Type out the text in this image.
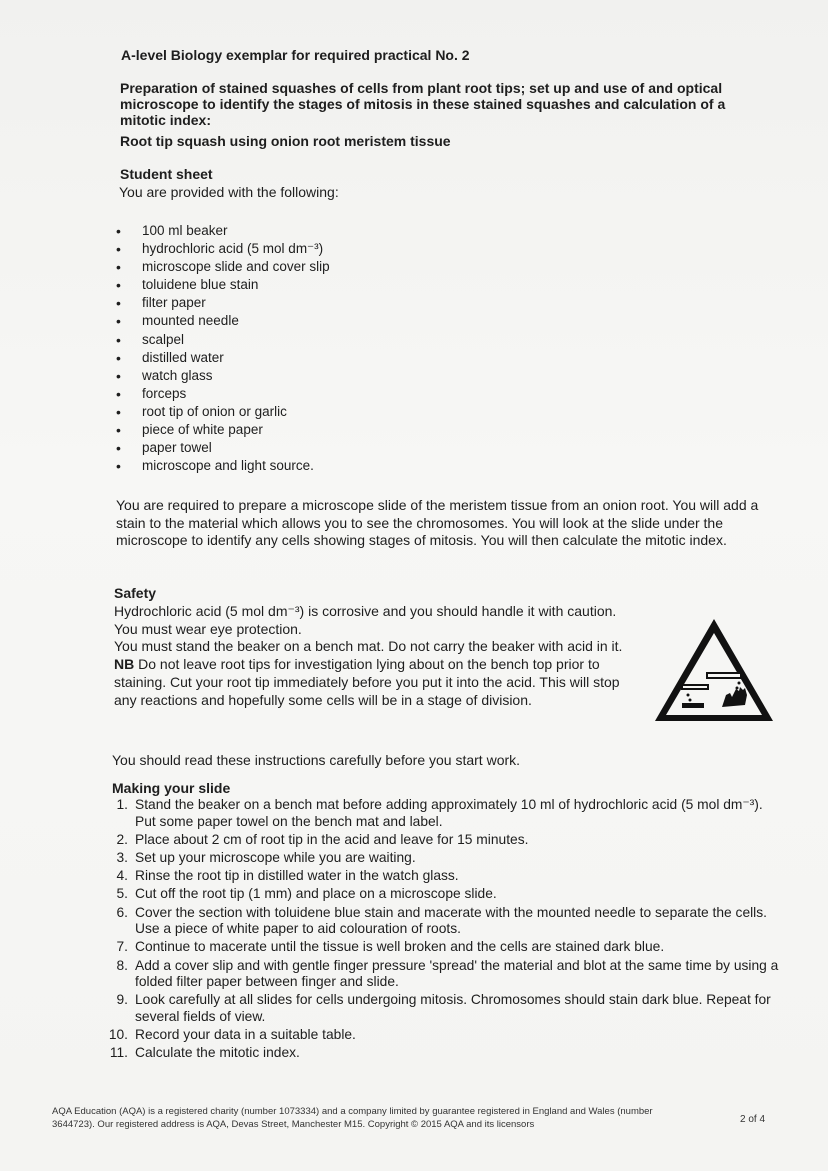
A-level Biology exemplar for required practical No. 2
Preparation of stained squashes of cells from plant root tips; set up and use of and optical microscope to identify the stages of mitosis in these stained squashes and calculation of a mitotic index:
Root tip squash using onion root meristem tissue
Student sheet
You are provided with the following:
• 100 ml beaker
• hydrochloric acid (5 mol dm⁻³)
• microscope slide and cover slip
• toluidene blue stain
• filter paper
• mounted needle
• scalpel
• distilled water
• watch glass
• forceps
• root tip of onion or garlic
• piece of white paper
• paper towel
• microscope and light source.
You are required to prepare a microscope slide of the meristem tissue from an onion root. You will add a stain to the material which allows you to see the chromosomes. You will look at the slide under the microscope to identify any cells showing stages of mitosis. You will then calculate the mitotic index.
Safety
Hydrochloric acid (5 mol dm⁻³) is corrosive and you should handle it with caution.
You must wear eye protection.
You must stand the beaker on a bench mat. Do not carry the beaker with acid in it.
NB Do not leave root tips for investigation lying about on the bench top prior to staining. Cut your root tip immediately before you put it into the acid. This will stop any reactions and hopefully some cells will be in a stage of division.
You should read these instructions carefully before you start work.
Making your slide
1. Stand the beaker on a bench mat before adding approximately 10 ml of hydrochloric acid (5 mol dm⁻³). Put some paper towel on the bench mat and label.
2. Place about 2 cm of root tip in the acid and leave for 15 minutes.
3. Set up your microscope while you are waiting.
4. Rinse the root tip in distilled water in the watch glass.
5. Cut off the root tip (1 mm) and place on a microscope slide.
6. Cover the section with toluidene blue stain and macerate with the mounted needle to separate the cells. Use a piece of white paper to aid colouration of roots.
7. Continue to macerate until the tissue is well broken and the cells are stained dark blue.
8. Add a cover slip and with gentle finger pressure 'spread' the material and blot at the same time by using a folded filter paper between finger and slide.
9. Look carefully at all slides for cells undergoing mitosis. Chromosomes should stain dark blue. Repeat for several fields of view.
10. Record your data in a suitable table.
11. Calculate the mitotic index.
AQA Education (AQA) is a registered charity (number 1073334) and a company limited by guarantee registered in England and Wales (number 3644723). Our registered address is AQA, Devas Street, Manchester M15. Copyright © 2015 AQA and its licensors	2 of 4
